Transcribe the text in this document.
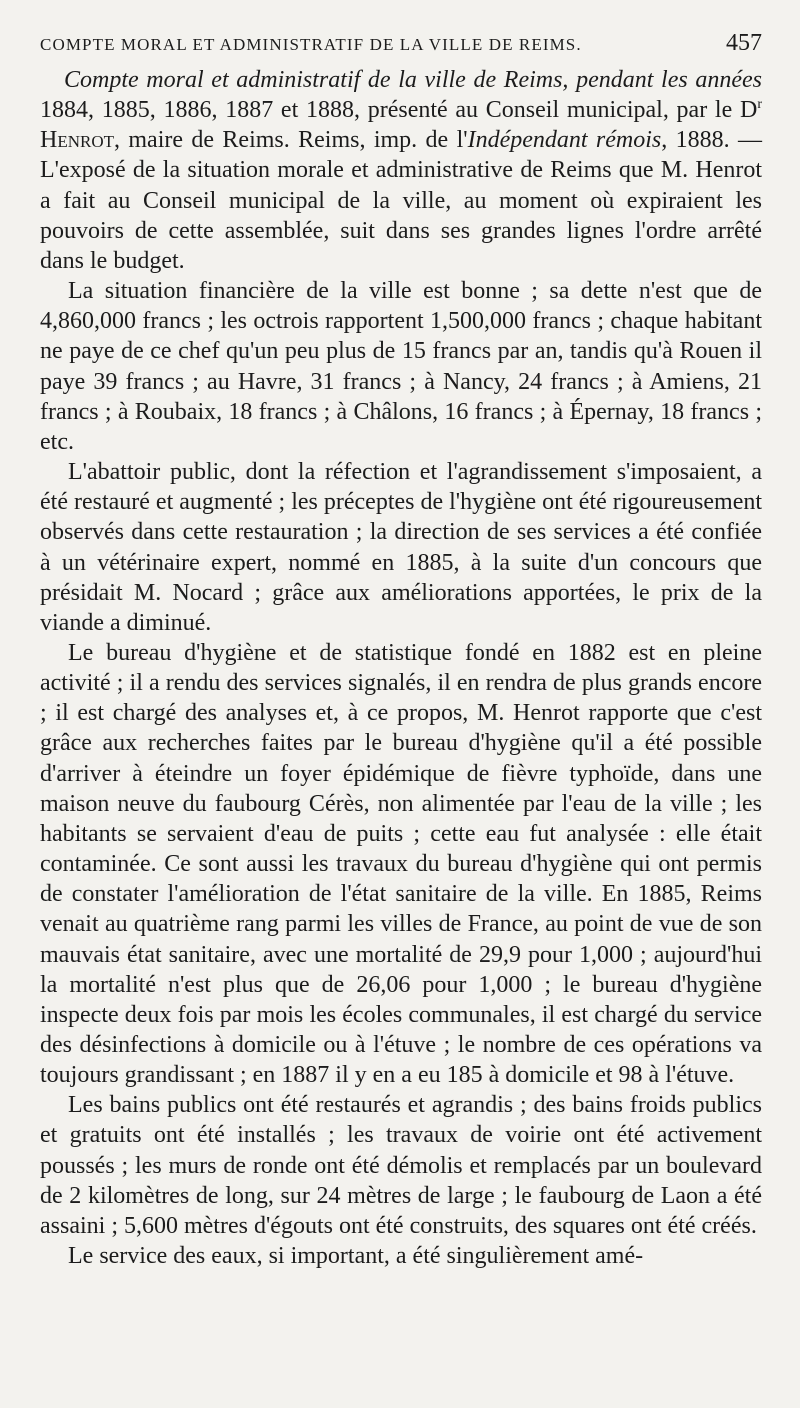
COMPTE MORAL ET ADMINISTRATIF DE LA VILLE DE REIMS.	457

Compte moral et administratif de la ville de Reims, pendant les années 1884, 1885, 1886, 1887 et 1888, présenté au Conseil municipal, par le $D^r$ Henrot, maire de Reims. Reims, imp. de l'Indépendant rémois, 1888. — L'exposé de la situation morale et administrative de Reims que M. Henrot a fait au Conseil municipal de la ville, au moment où expiraient les pouvoirs de cette assemblée, suit dans ses grandes lignes l'ordre arrêté dans le budget.

La situation financière de la ville est bonne ; sa dette n'est que de 4,860,000 francs ; les octrois rapportent 1,500,000 francs ; chaque habitant ne paye de ce chef qu'un peu plus de 15 francs par an, tandis qu'à Rouen il paye 39 francs ; au Havre, 31 francs ; à Nancy, 24 francs ; à Amiens, 21 francs ; à Roubaix, 18 francs ; à Châlons, 16 francs ; à Épernay, 18 francs ; etc.

L'abattoir public, dont la réfection et l'agrandissement s'imposaient, a été restauré et augmenté ; les préceptes de l'hygiène ont été rigoureusement observés dans cette restauration ; la direction de ses services a été confiée à un vétérinaire expert, nommé en 1885, à la suite d'un concours que présidait M. Nocard ; grâce aux améliorations apportées, le prix de la viande a diminué.

Le bureau d'hygiène et de statistique fondé en 1882 est en pleine activité ; il a rendu des services signalés, il en rendra de plus grands encore ; il est chargé des analyses et, à ce propos, M. Henrot rapporte que c'est grâce aux recherches faites par le bureau d'hygiène qu'il a été possible d'arriver à éteindre un foyer épidémique de fièvre typhoïde, dans une maison neuve du faubourg Cérès, non alimentée par l'eau de la ville ; les habitants se servaient d'eau de puits ; cette eau fut analysée : elle était contaminée. Ce sont aussi les travaux du bureau d'hygiène qui ont permis de constater l'amélioration de l'état sanitaire de la ville. En 1885, Reims venait au quatrième rang parmi les villes de France, au point de vue de son mauvais état sanitaire, avec une mortalité de 29,9 pour 1,000 ; aujourd'hui la mortalité n'est plus que de 26,06 pour 1,000 ; le bureau d'hygiène inspecte deux fois par mois les écoles communales, il est chargé du service des désinfections à domicile ou à l'étuve ; le nombre de ces opérations va toujours grandissant ; en 1887 il y en a eu 185 à domicile et 98 à l'étuve.

Les bains publics ont été restaurés et agrandis ; des bains froids publics et gratuits ont été installés ; les travaux de voirie ont été activement poussés ; les murs de ronde ont été démolis et remplacés par un boulevard de 2 kilomètres de long, sur 24 mètres de large ; le faubourg de Laon a été assaini ; 5,600 mètres d'égouts ont été construits, des squares ont été créés.

Le service des eaux, si important, a été singulièrement amé-
